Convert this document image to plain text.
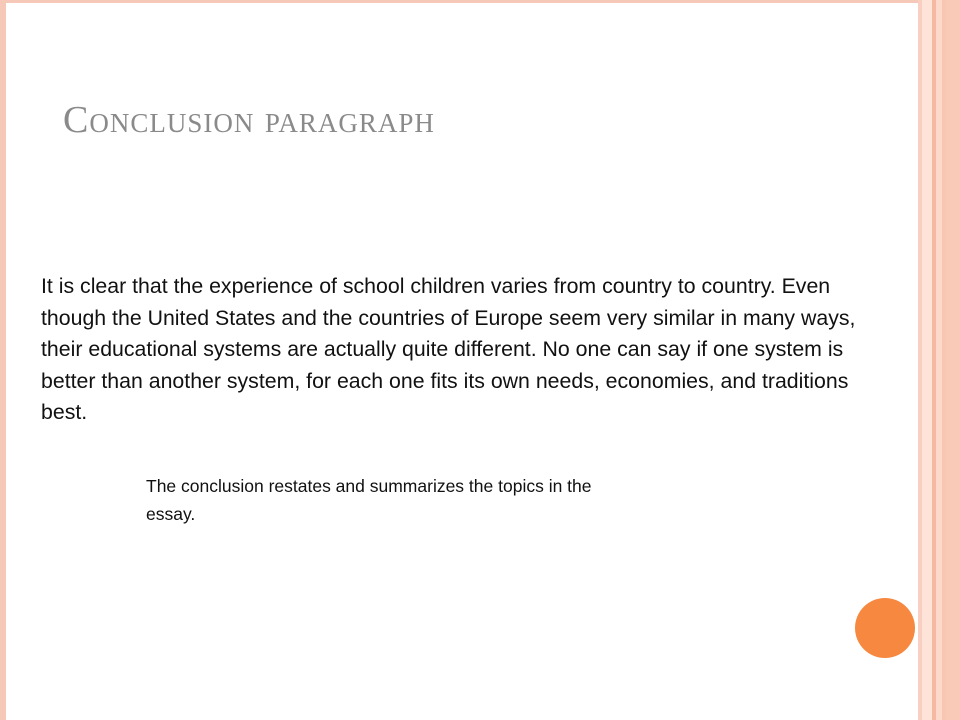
Conclusion paragraph

It is clear that the experience of school children varies from country to country. Even though the United States and the countries of Europe seem very similar in many ways, their educational systems are actually quite different. No one can say if one system is better than another system, for each one fits its own needs, economies, and traditions best.

The conclusion restates and summarizes the topics in the essay.
